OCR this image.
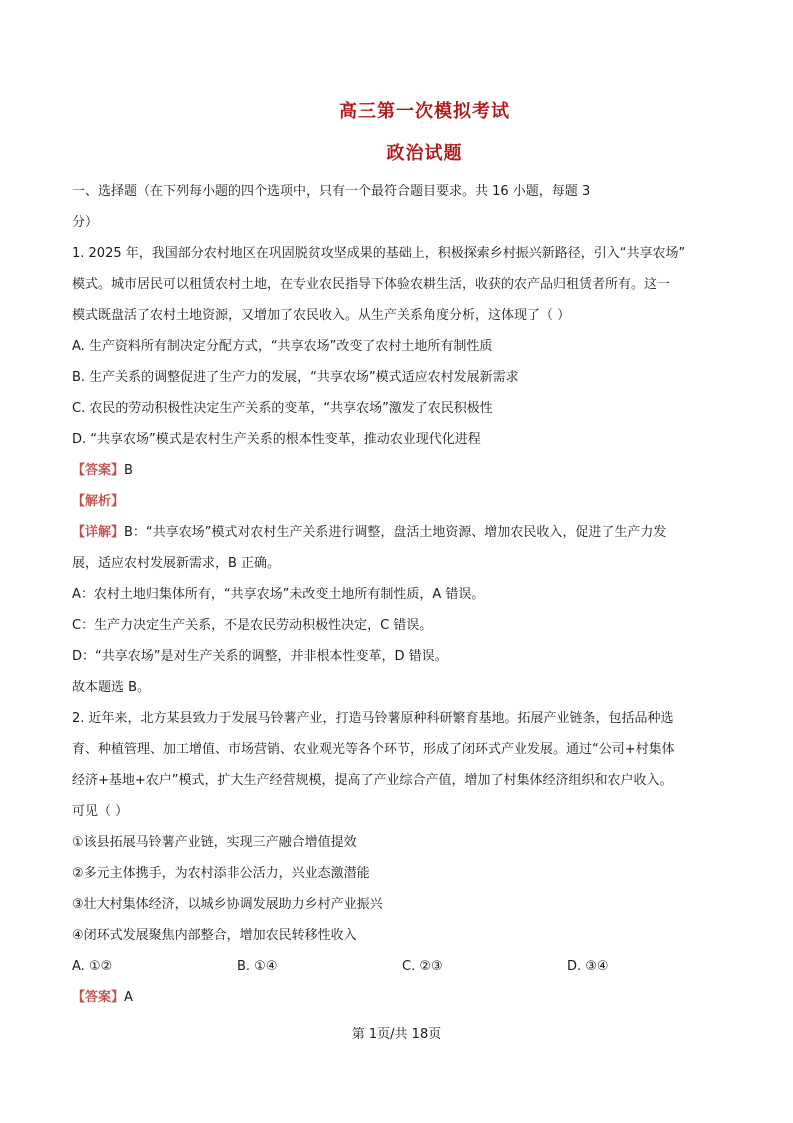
高三第一次模拟考试
政治试题
一、选择题（在下列每小题的四个选项中，只有一个最符合题目要求。共 16 小题，每题 3
分）
1. 2025 年，我国部分农村地区在巩固脱贫攻坚成果的基础上，积极探索乡村振兴新路径，引入“共享农场”
模式。城市居民可以租赁农村土地，在专业农民指导下体验农耕生活，收获的农产品归租赁者所有。这一
模式既盘活了农村土地资源，又增加了农民收入。从生产关系角度分析，这体现了（ ）
A. 生产资料所有制决定分配方式，“共享农场”改变了农村土地所有制性质
B. 生产关系的调整促进了生产力的发展，“共享农场”模式适应农村发展新需求
C. 农民的劳动积极性决定生产关系的变革，“共享农场”激发了农民积极性
D. “共享农场”模式是农村生产关系的根本性变革，推动农业现代化进程
【答案】B
【解析】
【详解】B：“共享农场”模式对农村生产关系进行调整，盘活土地资源、增加农民收入，促进了生产力发
展，适应农村发展新需求，B 正确。
A：农村土地归集体所有，“共享农场”未改变土地所有制性质，A 错误。
C：生产力决定生产关系，不是农民劳动积极性决定，C 错误。
D：“共享农场”是对生产关系的调整，并非根本性变革，D 错误。
故本题选 B。
2. 近年来，北方某县致力于发展马铃薯产业，打造马铃薯原种科研繁育基地。拓展产业链条，包括品种选
育、种植管理、加工增值、市场营销、农业观光等各个环节，形成了闭环式产业发展。通过“公司+村集体
经济+基地+农户”模式，扩大生产经营规模，提高了产业综合产值，增加了村集体经济组织和农户收入。
可见（ ）
①该县拓展马铃薯产业链，实现三产融合增值提效
②多元主体携手，为农村添非公活力，兴业态激潜能
③壮大村集体经济，以城乡协调发展助力乡村产业振兴
④闭环式发展聚焦内部整合，增加农民转移性收入
A. ①②	B. ①④	C. ②③	D. ③④
【答案】A
第 1页/共 18页
